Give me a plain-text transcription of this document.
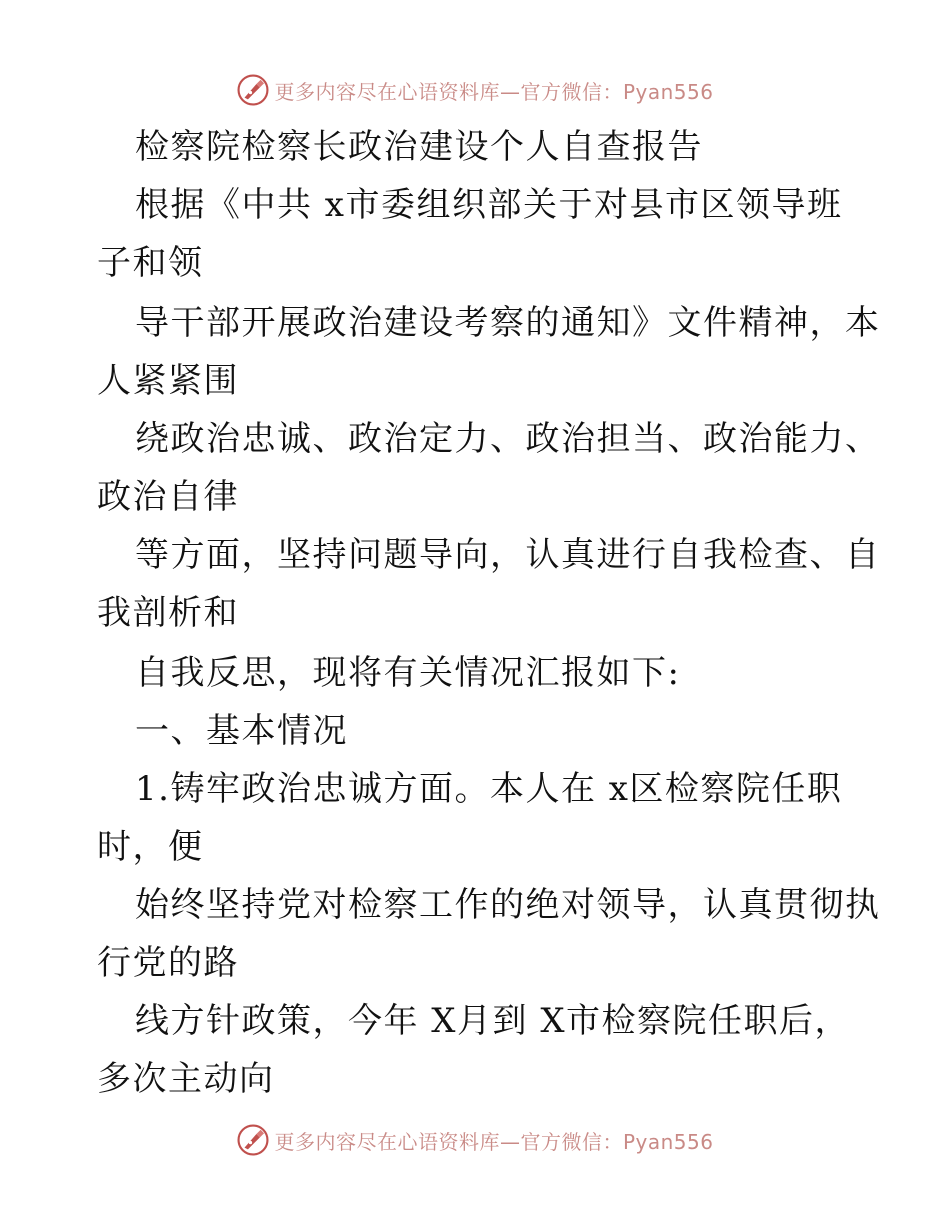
更多内容尽在心语资料库—官方微信：Pyan556
检察院检察长政治建设个人自查报告
根据《中共 x市委组织部关于对县市区领导班
子和领
导干部开展政治建设考察的通知》文件精神，本
人紧紧围
绕政治忠诚、政治定力、政治担当、政治能力、
政治自律
等方面，坚持问题导向，认真进行自我检查、自
我剖析和
自我反思，现将有关情况汇报如下:
一、基本情况
1.铸牢政治忠诚方面。本人在 x区检察院任职
时，便
始终坚持党对检察工作的绝对领导，认真贯彻执
行党的路
线方针政策，今年 X月到 X市检察院任职后，
多次主动向
更多内容尽在心语资料库—官方微信：Pyan556
